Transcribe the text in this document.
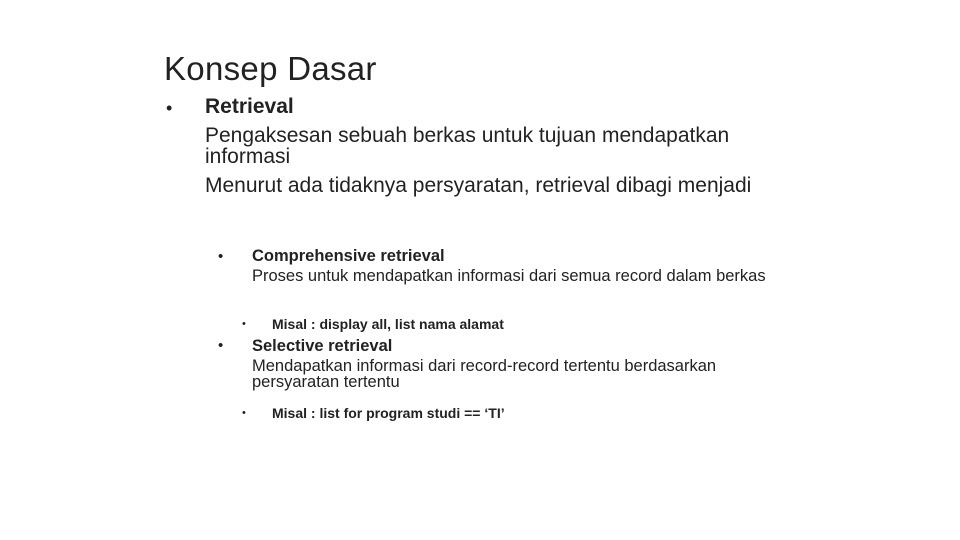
Konsep Dasar
• Retrieval
Pengaksesan sebuah berkas untuk tujuan mendapatkan informasi
Menurut ada tidaknya persyaratan, retrieval dibagi menjadi
• Comprehensive retrieval
Proses untuk mendapatkan informasi dari semua record dalam berkas
• Misal : display all, list nama alamat
• Selective retrieval
Mendapatkan informasi dari record-record tertentu berdasarkan persyaratan tertentu
• Misal : list for program studi == ‘TI’
